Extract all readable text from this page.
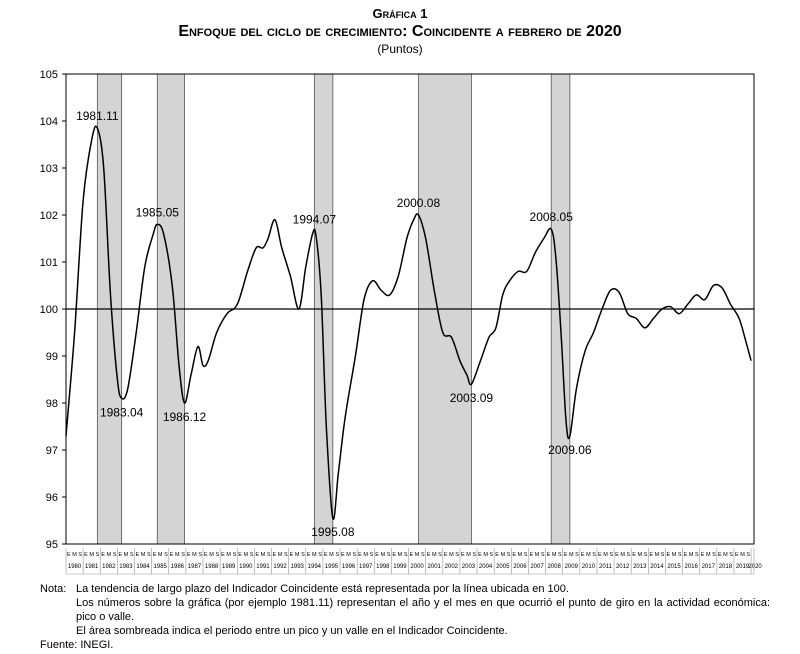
Gráfica 1
Enfoque del ciclo de crecimiento: Coincidente a febrero de 2020
(Puntos)
95
96
97
98
99
100
101
102
103
104
105
E M S
1980
E M S
1981
E M S
1982
E M S
1983
E M S
1984
E M S
1985
E M S
1986
E M S
1987
E M S
1988
E M S
1989
E M S
1990
E M S
1991
E M S
1992
E M S
1993
E M S
1994
E M S
1995
E M S
1996
E M S
1997
E M S
1998
E M S
1999
E M S
2000
E M S
2001
E M S
2002
E M S
2003
E M S
2004
E M S
2005
E M S
2006
E M S
2007
E M S
2008
E M S
2009
E M S
2010
E M S
2011
E M S
2012
E M S
2013
E M S
2014
E M S
2015
E M S
2016
E M S
2017
E M S
2018
E M S
2019 2020
1981.11
1983.04
1985.05
1986.12
1994.07
1995.08
2000.08
2003.09
2008.05
2009.06
Nota: La tendencia de largo plazo del Indicador Coincidente está representada por la línea ubicada en 100.
Los números sobre la gráfica (por ejemplo 1981.11) representan el año y el mes en que ocurrió el punto de giro en la actividad económica: pico o valle.
El área sombreada indica el periodo entre un pico y un valle en el Indicador Coincidente.
Fuente: INEGI.
